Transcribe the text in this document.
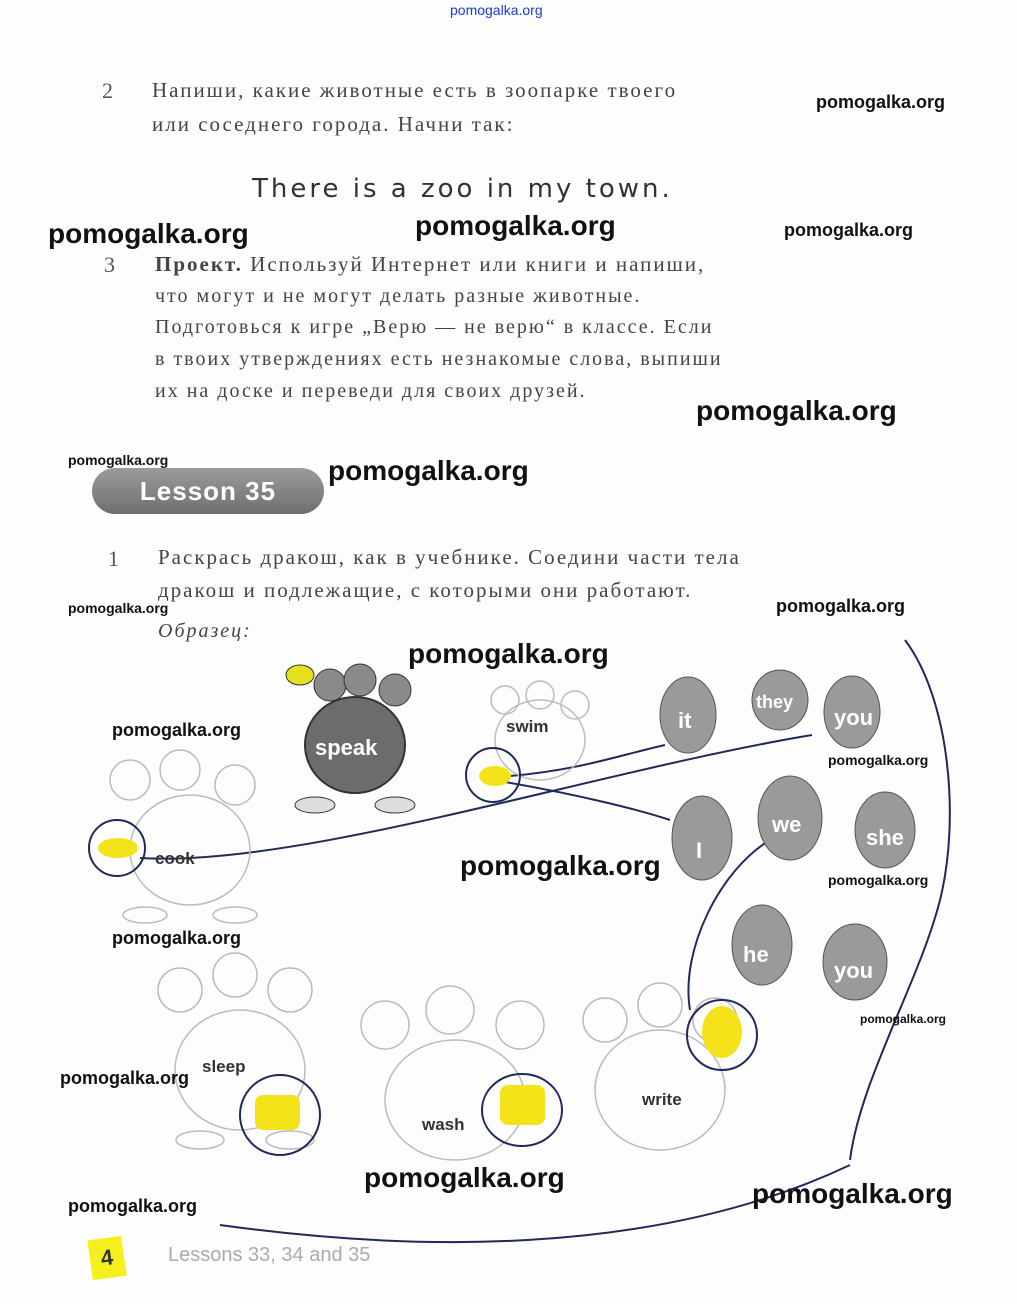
pomogalka.org
2 Напиши, какие животные есть в зоопарке твоего
или соседнего города. Начни так:
There is a zoo in my town.
3 Проект. Используй Интернет или книги и напиши,
что могут и не могут делать разные животные.
Подготовься к игре „Верю — не верю“ в классе. Если
в твоих утверждениях есть незнакомые слова, выпиши
их на доске и переведи для своих друзей.
Lesson 35
1 Раскрась дракош, как в учебнике. Соедини части тела
дракош и подлежащие, с которыми они работают.
Образец:
speak
swim
cook
it
they
you
I
we
she
he
you
sleep
wash
write
4	Lessons 33, 34 and 35
pomogalka.org
pomogalka.org	pomogalka.org	pomogalka.org
pomogalka.org
pomogalka.org	pomogalka.org
pomogalka.org	pomogalka.org
pomogalka.org
pomogalka.org
pomogalka.org
pomogalka.org	pomogalka.org
pomogalka.org
pomogalka.org
pomogalka.org
pomogalka.org
pomogalka.org
pomogalka.org
